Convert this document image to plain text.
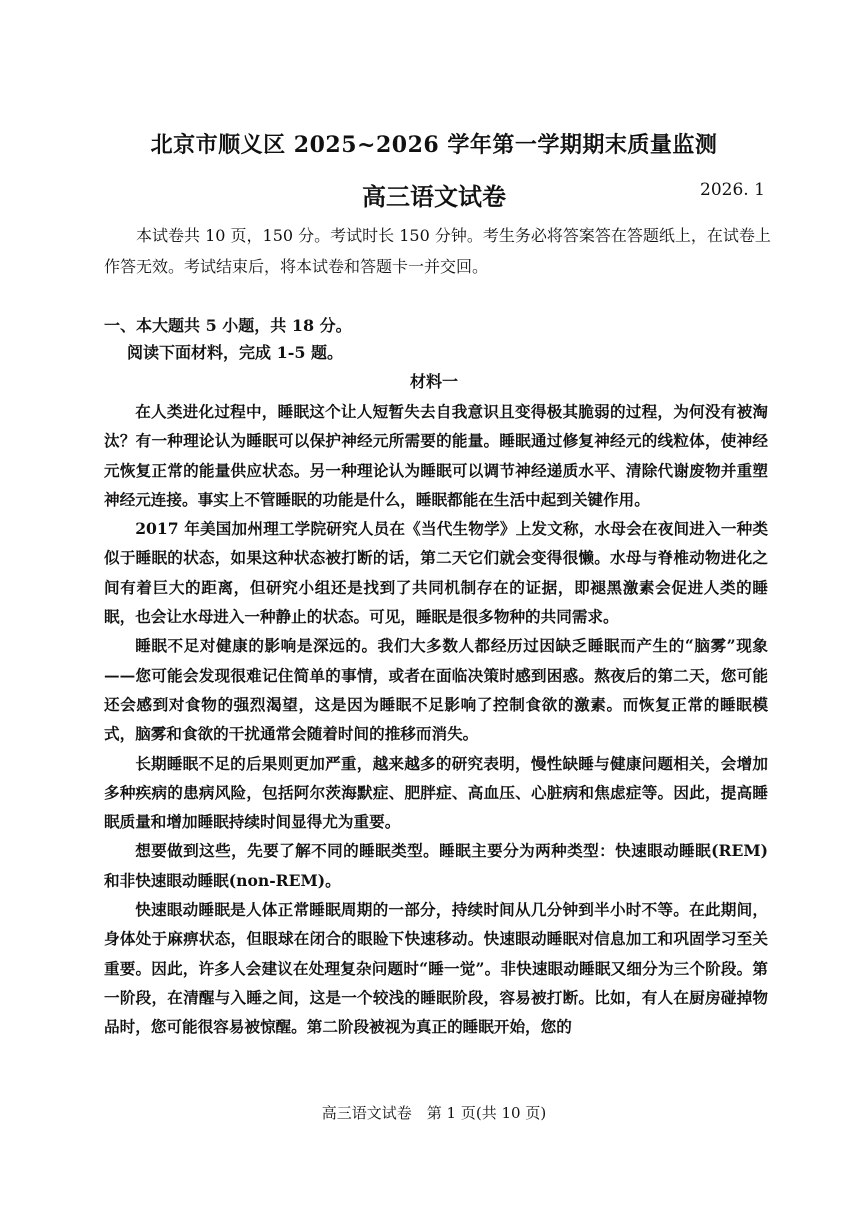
北京市顺义区 2025~2026 学年第一学期期末质量监测
高三语文试卷	2026. 1

本试卷共 10 页，150 分。考试时长 150 分钟。考生务必将答案答在答题纸上，在试卷上作答无效。考试结束后，将本试卷和答题卡一并交回。

一、本大题共 5 小题，共 18 分。
阅读下面材料，完成 1-5 题。
材料一

在人类进化过程中，睡眠这个让人短暂失去自我意识且变得极其脆弱的过程，为何没有被淘汰？有一种理论认为睡眠可以保护神经元所需要的能量。睡眠通过修复神经元的线粒体，使神经元恢复正常的能量供应状态。另一种理论认为睡眠可以调节神经递质水平、清除代谢废物并重塑神经元连接。事实上不管睡眠的功能是什么，睡眠都能在生活中起到关键作用。

2017 年美国加州理工学院研究人员在《当代生物学》上发文称，水母会在夜间进入一种类似于睡眠的状态，如果这种状态被打断的话，第二天它们就会变得很懒。水母与脊椎动物进化之间有着巨大的距离，但研究小组还是找到了共同机制存在的证据，即褪黑激素会促进人类的睡眠，也会让水母进入一种静止的状态。可见，睡眠是很多物种的共同需求。

睡眠不足对健康的影响是深远的。我们大多数人都经历过因缺乏睡眠而产生的“脑雾”现象——您可能会发现很难记住简单的事情，或者在面临决策时感到困惑。熬夜后的第二天，您可能还会感到对食物的强烈渴望，这是因为睡眠不足影响了控制食欲的激素。而恢复正常的睡眠模式，脑雾和食欲的干扰通常会随着时间的推移而消失。

长期睡眠不足的后果则更加严重，越来越多的研究表明，慢性缺睡与健康问题相关，会增加多种疾病的患病风险，包括阿尔茨海默症、肥胖症、高血压、心脏病和焦虑症等。因此，提高睡眠质量和增加睡眠持续时间显得尤为重要。

想要做到这些，先要了解不同的睡眠类型。睡眠主要分为两种类型：快速眼动睡眠(REM)和非快速眼动睡眠(non-REM)。

快速眼动睡眠是人体正常睡眠周期的一部分，持续时间从几分钟到半小时不等。在此期间，身体处于麻痹状态，但眼球在闭合的眼睑下快速移动。快速眼动睡眠对信息加工和巩固学习至关重要。因此，许多人会建议在处理复杂问题时“睡一觉”。非快速眼动睡眠又细分为三个阶段。第一阶段，在清醒与入睡之间，这是一个较浅的睡眠阶段，容易被打断。比如，有人在厨房碰掉物品时，您可能很容易被惊醒。第二阶段被视为真正的睡眠开始，您的

高三语文试卷　第 1 页(共 10 页)
